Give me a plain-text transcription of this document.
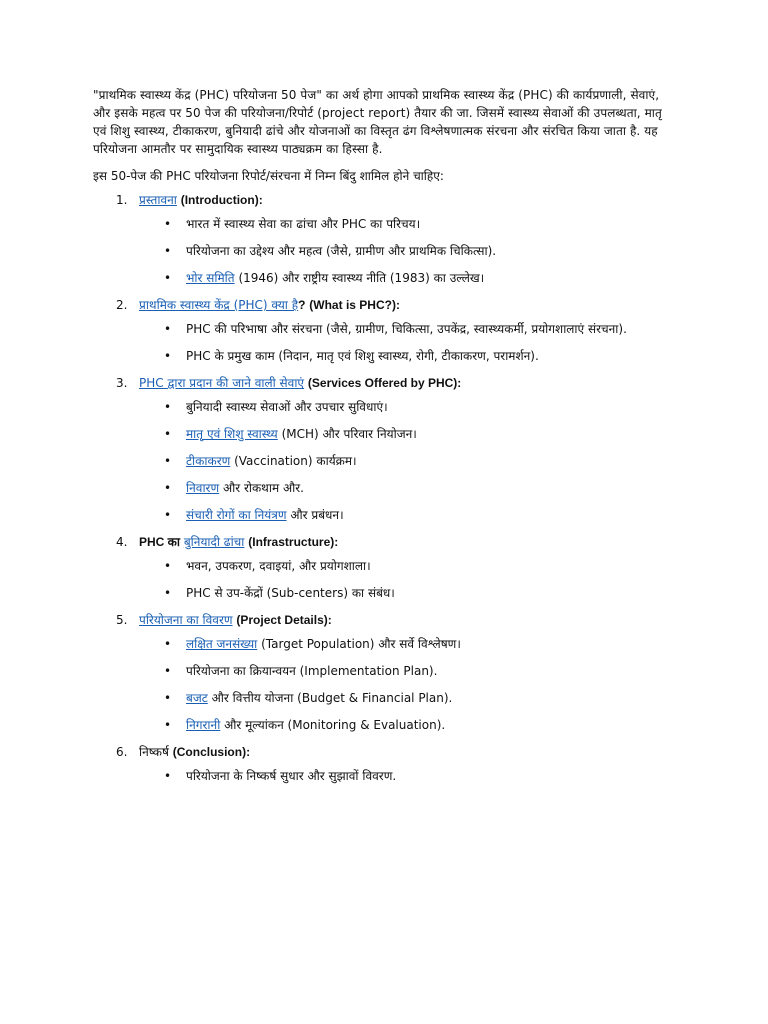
"प्राथमिक स्वास्थ्य केंद्र (PHC) परियोजना 50 पेज" का अर्थ होगा आपको प्राथमिक स्वास्थ्य केंद्र (PHC) की कार्यप्रणाली, सेवाएं, और इसके महत्व पर 50 पेज की परियोजना/रिपोर्ट (project report) तैयार की जा. जिसमें स्वास्थ्य सेवाओं की उपलब्धता, मातृ एवं शिशु स्वास्थ्य, टीकाकरण, बुनियादी ढांचे और योजनाओं का विस्तृत ढंग विश्लेषणात्मक संरचना और संरचित किया जाता है. यह परियोजना आमतौर पर सामुदायिक स्वास्थ्य पाठ्यक्रम का हिस्सा है.

इस 50-पेज की PHC परियोजना रिपोर्ट/संरचना में निम्न बिंदु शामिल होने चाहिए:

1. प्रस्तावना (Introduction):
• भारत में स्वास्थ्य सेवा का ढांचा और PHC का परिचय।
• परियोजना का उद्देश्य और महत्व (जैसे, ग्रामीण और प्राथमिक चिकित्सा).
• भोर समिति (1946) और राष्ट्रीय स्वास्थ्य नीति (1983) का उल्लेख।
2. प्राथमिक स्वास्थ्य केंद्र (PHC) क्या है? (What is PHC?):
• PHC की परिभाषा और संरचना (जैसे, ग्रामीण, चिकित्सा, उपकेंद्र, स्वास्थ्यकर्मी, प्रयोगशालाएं संरचना).
• PHC के प्रमुख काम (निदान, मातृ एवं शिशु स्वास्थ्य, रोगी, टीकाकरण, परामर्शन).
3. PHC द्वारा प्रदान की जाने वाली सेवाएं (Services Offered by PHC):
• बुनियादी स्वास्थ्य सेवाओं और उपचार सुविधाएं।
• मातृ एवं शिशु स्वास्थ्य (MCH) और परिवार नियोजन।
• टीकाकरण (Vaccination) कार्यक्रम।
• निवारण और रोकथाम और.
• संचारी रोगों का नियंत्रण और प्रबंधन।
4. PHC का बुनियादी ढांचा (Infrastructure):
• भवन, उपकरण, दवाइयां, और प्रयोगशाला।
• PHC से उप-केंद्रों (Sub-centers) का संबंध।
5. परियोजना का विवरण (Project Details):
• लक्षित जनसंख्या (Target Population) और सर्वे विश्लेषण।
• परियोजना का क्रियान्वयन (Implementation Plan).
• बजट और वित्तीय योजना (Budget & Financial Plan).
• निगरानी और मूल्यांकन (Monitoring & Evaluation).
6. निष्कर्ष (Conclusion):
• परियोजना के निष्कर्ष सुधार और सुझावों विवरण.
